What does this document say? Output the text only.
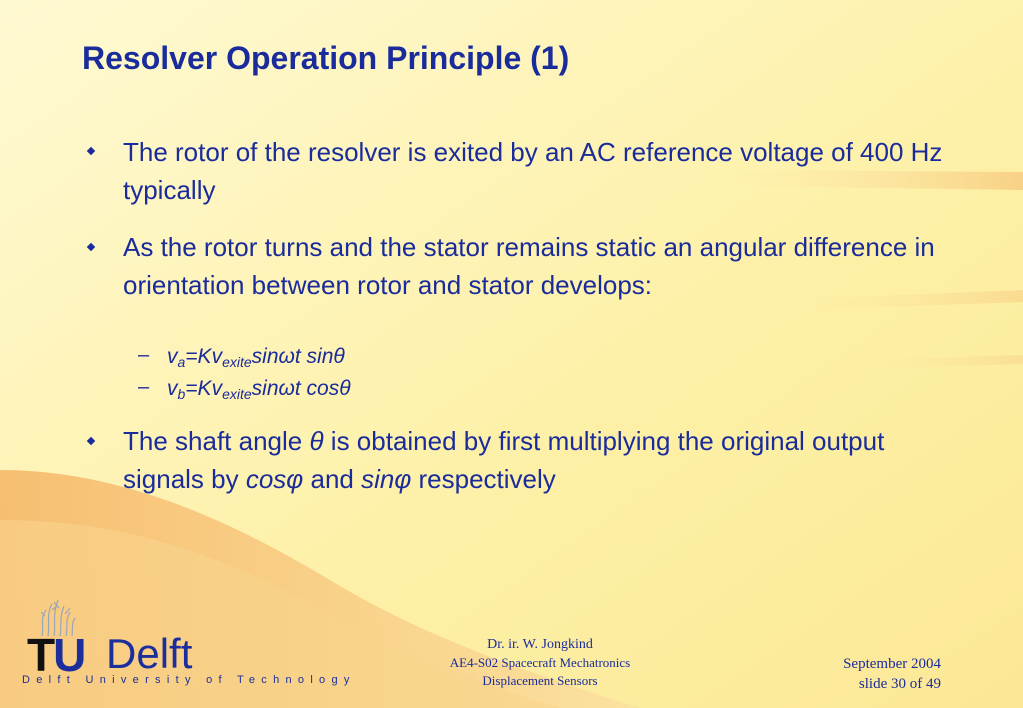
Resolver Operation Principle (1)
The rotor of the resolver is exited by an AC reference voltage of 400 Hz typically
As the rotor turns and the stator remains static an angular difference in orientation between rotor and stator develops:
– $v_a=Kv_{exite}\sin\omega t$ sinθ
– $v_b=Kv_{exite}\sin\omega t$ cosθ
The shaft angle θ is obtained by first multiplying the original output signals by cosφ and sinφ respectively
TU Delft
Delft University of Technology
Dr. ir. W. Jongkind
AE4-S02 Spacecraft Mechatronics
Displacement Sensors
September 2004
slide 30 of 49
